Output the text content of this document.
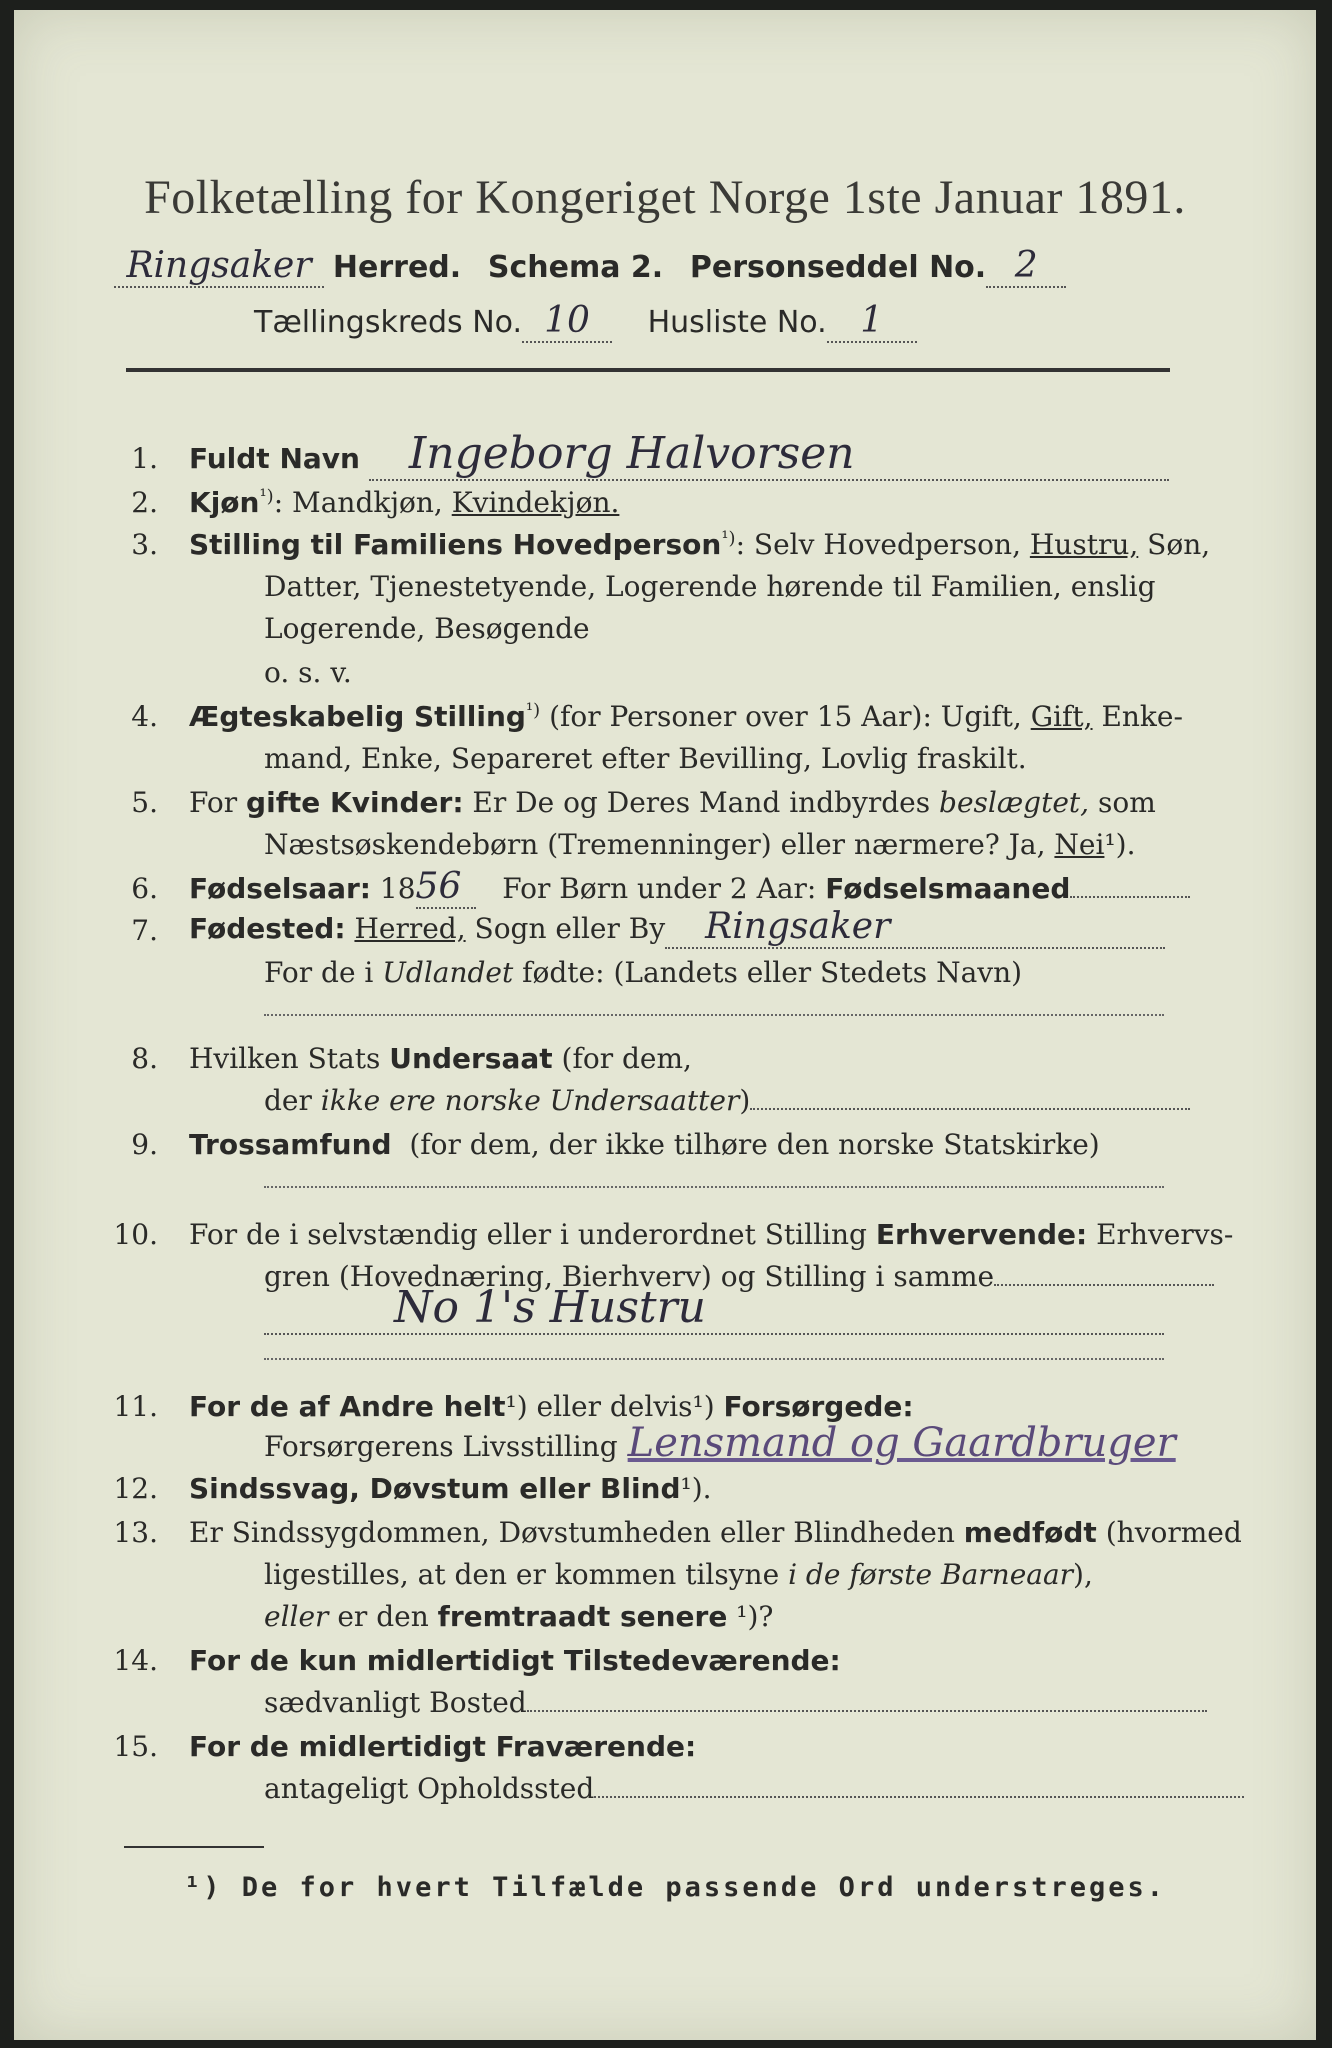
Folketælling for Kongeriget Norge 1ste Januar 1891.
Ringsaker Herred. Schema 2. Personseddel No. 2
Tællingskreds No. 10 Husliste No. 1
1. Fuldt Navn Ingeborg Halvorsen
2. Kjøn$^{^1)}$: Mandkjøn, Kvindekjøn.
3. Stilling til Familiens Hovedperson$^{^1)}$: Selv Hovedperson, Hustru, Søn,
Datter, Tjenestetyende, Logerende hørende til Familien, enslig
Logerende, Besøgende
o. s. v.
4. Ægteskabelig Stilling$^{^1)}$ (for Personer over 15 Aar): Ugift, Gift, Enke-
mand, Enke, Separeret efter Bevilling, Lovlig fraskilt.
5. For gifte Kvinder: Er De og Deres Mand indbyrdes beslægtet, som
Næstsøskendebørn (Tremenninger) eller nærmere? Ja, Nei¹).
6. Fødselsaar: 1856 For Børn under 2 Aar: Fødselsmaaned
7. Fødested: Herred, Sogn eller By Ringsaker
For de i Udlandet fødte: (Landets eller Stedets Navn)
8. Hvilken Stats Undersaat (for dem,
der ikke ere norske Undersaatter)
9. Trossamfund (for dem, der ikke tilhøre den norske Statskirke)
10. For de i selvstændig eller i underordnet Stilling Erhvervende: Erhvervs-
gren (Hovednæring, Bierhverv) og Stilling i samme
No 1's Hustru
11. For de af Andre helt¹) eller delvis¹) Forsørgede:
Forsørgerens Livsstilling Lensmand og Gaardbruger
12. Sindssvag, Døvstum eller Blind¹).
13. Er Sindssygdommen, Døvstumheden eller Blindheden medfødt (hvormed
ligestilles, at den er kommen tilsyne i de første Barneaar),
eller er den fremtraadt senere ¹)?
14. For de kun midlertidigt Tilstedeværende:
sædvanligt Bosted
15. For de midlertidigt Fraværende:
antageligt Opholdssted
¹) De for hvert Tilfælde passende Ord understreges.
